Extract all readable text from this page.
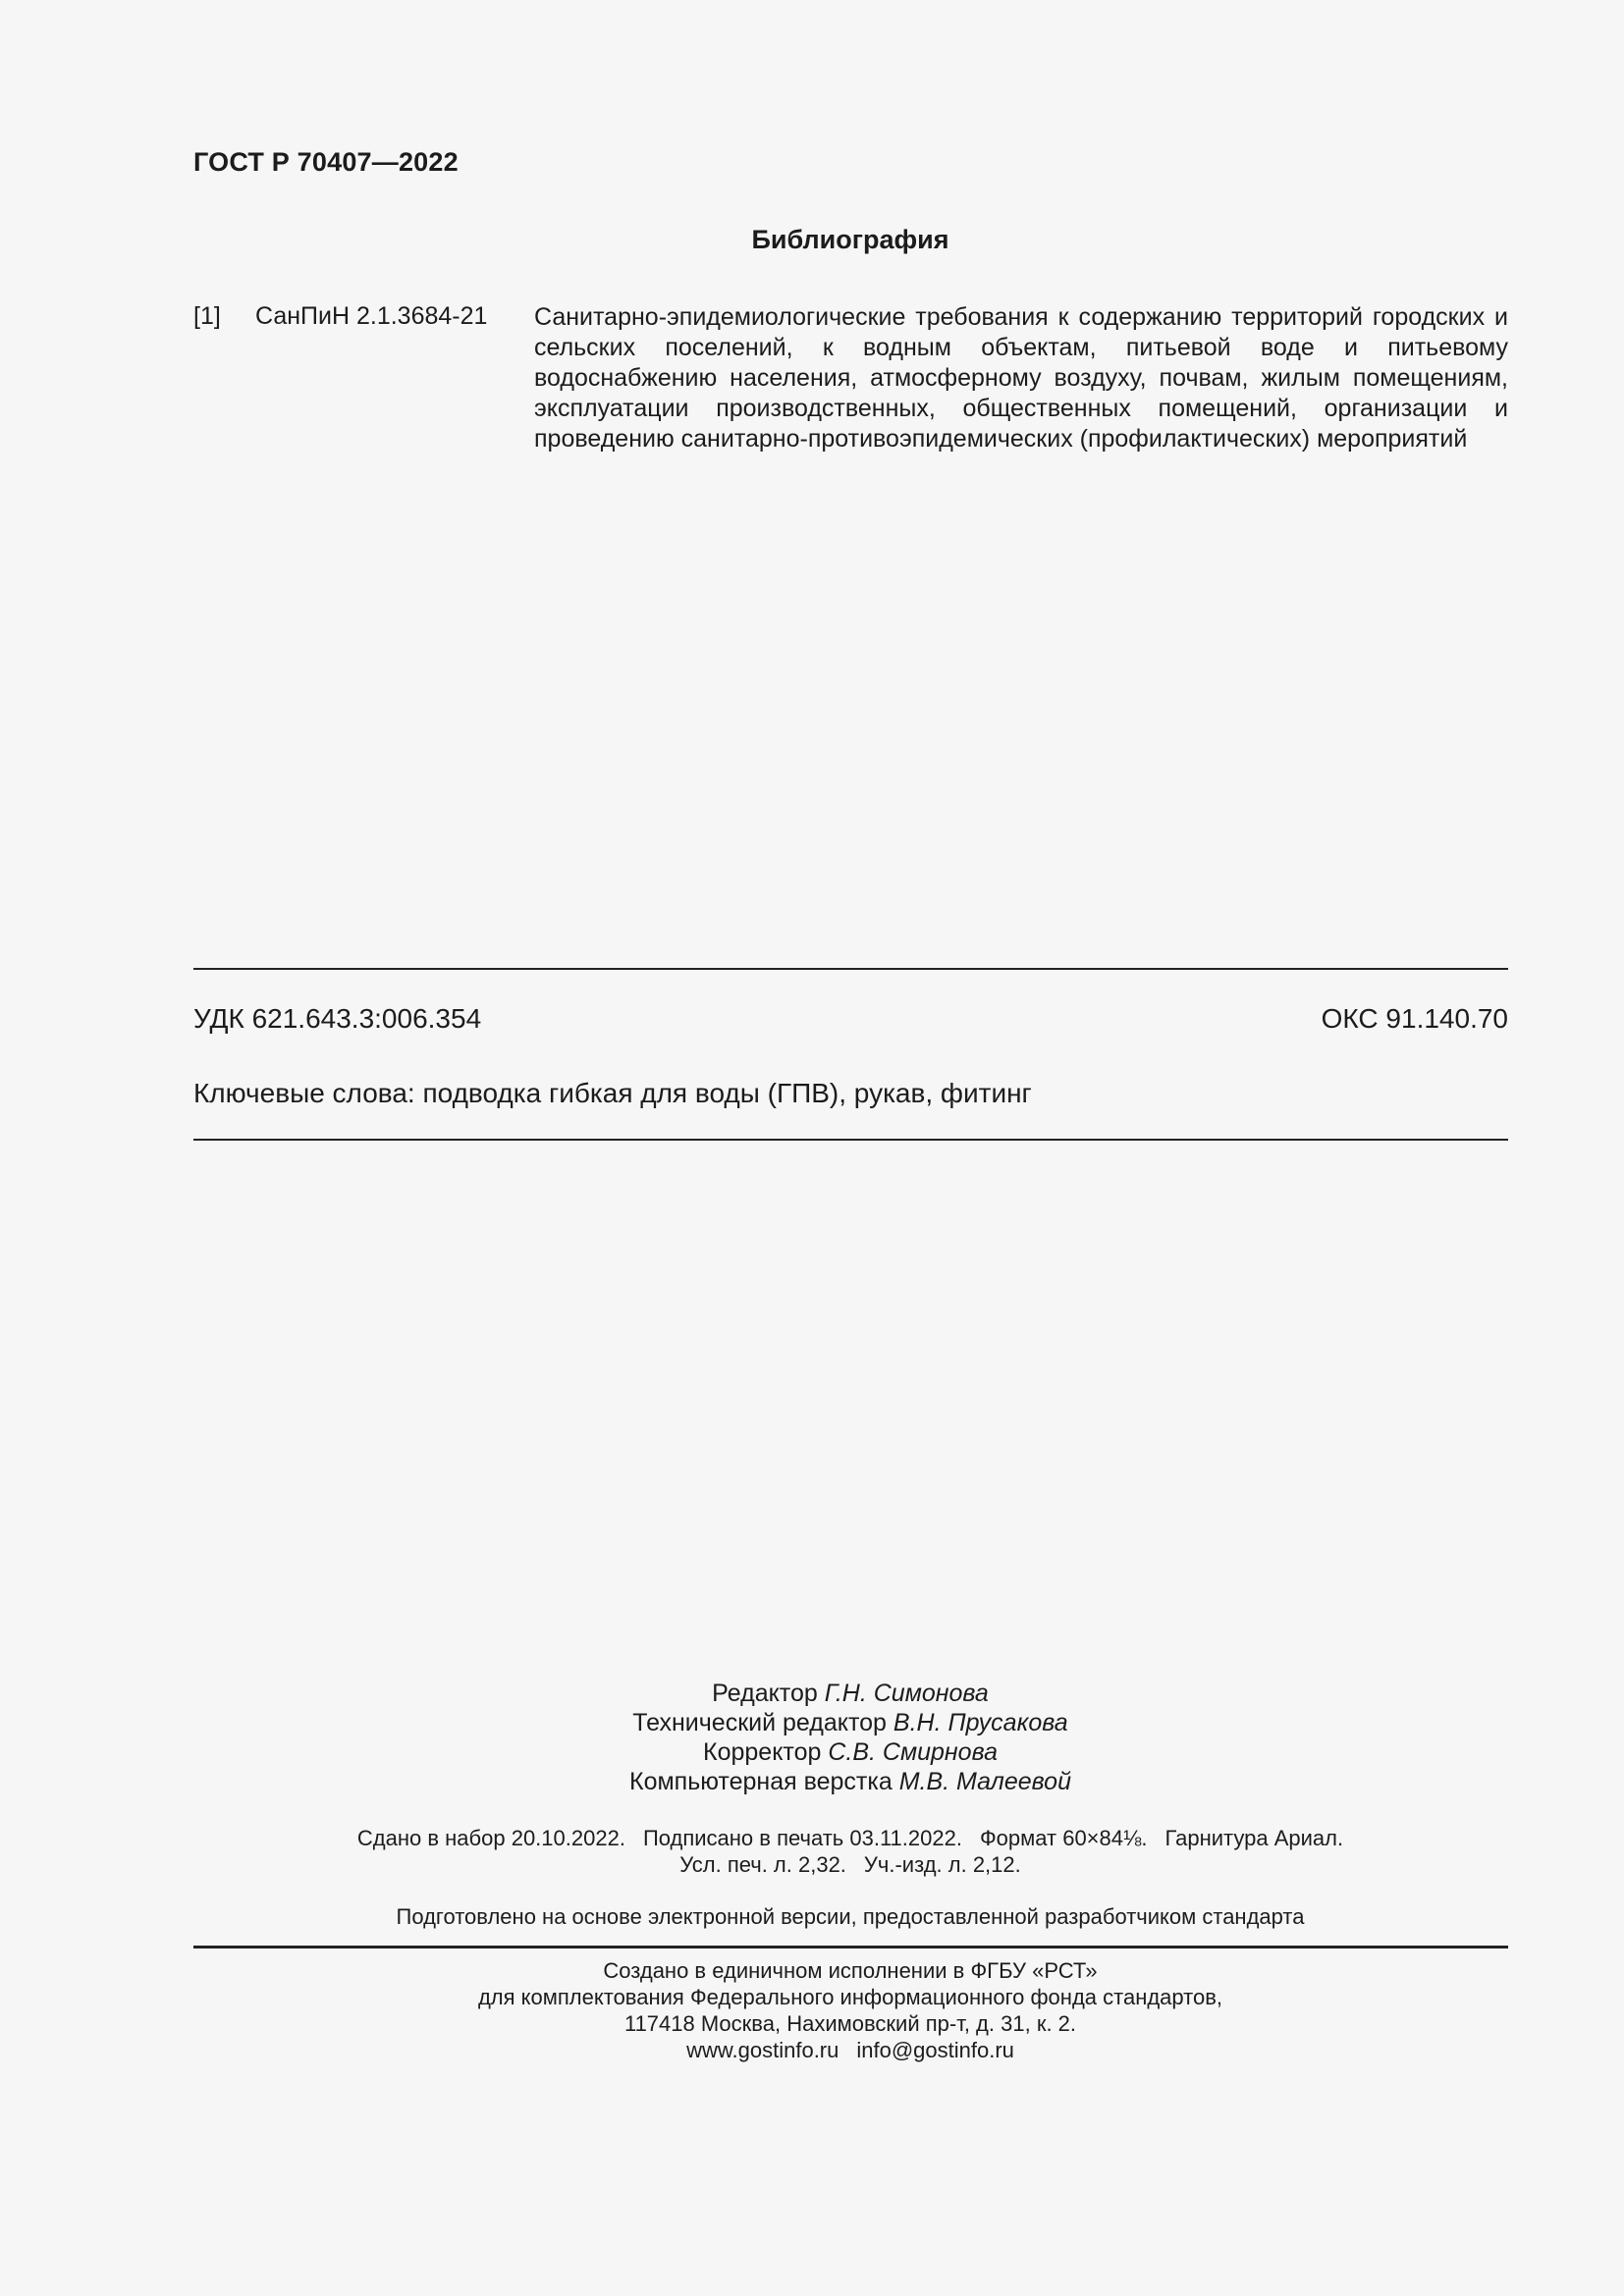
ГОСТ Р 70407—2022
Библиография
[1] СанПиН 2.1.3684-21 Санитарно-эпидемиологические требования к содержанию территорий городских и сельских поселений, к водным объектам, питьевой воде и питьевому водоснабжению населения, атмосферному воздуху, почвам, жилым помещениям, эксплуатации производственных, общественных помещений, организации и проведению санитарно-противоэпидемических (профилактических) мероприятий
УДК 621.643.3:006.354	ОКС 91.140.70
Ключевые слова: подводка гибкая для воды (ГПВ), рукав, фитинг
Редактор Г.Н. Симонова
Технический редактор В.Н. Прусакова
Корректор С.В. Смирнова
Компьютерная верстка М.В. Малеевой
Сдано в набор 20.10.2022. Подписано в печать 03.11.2022. Формат 60×84⅛. Гарнитура Ариал.
Усл. печ. л. 2,32. Уч.-изд. л. 2,12.
Подготовлено на основе электронной версии, предоставленной разработчиком стандарта
Создано в единичном исполнении в ФГБУ «РСТ»
для комплектования Федерального информационного фонда стандартов,
117418 Москва, Нахимовский пр-т, д. 31, к. 2.
www.gostinfo.ru info@gostinfo.ru
